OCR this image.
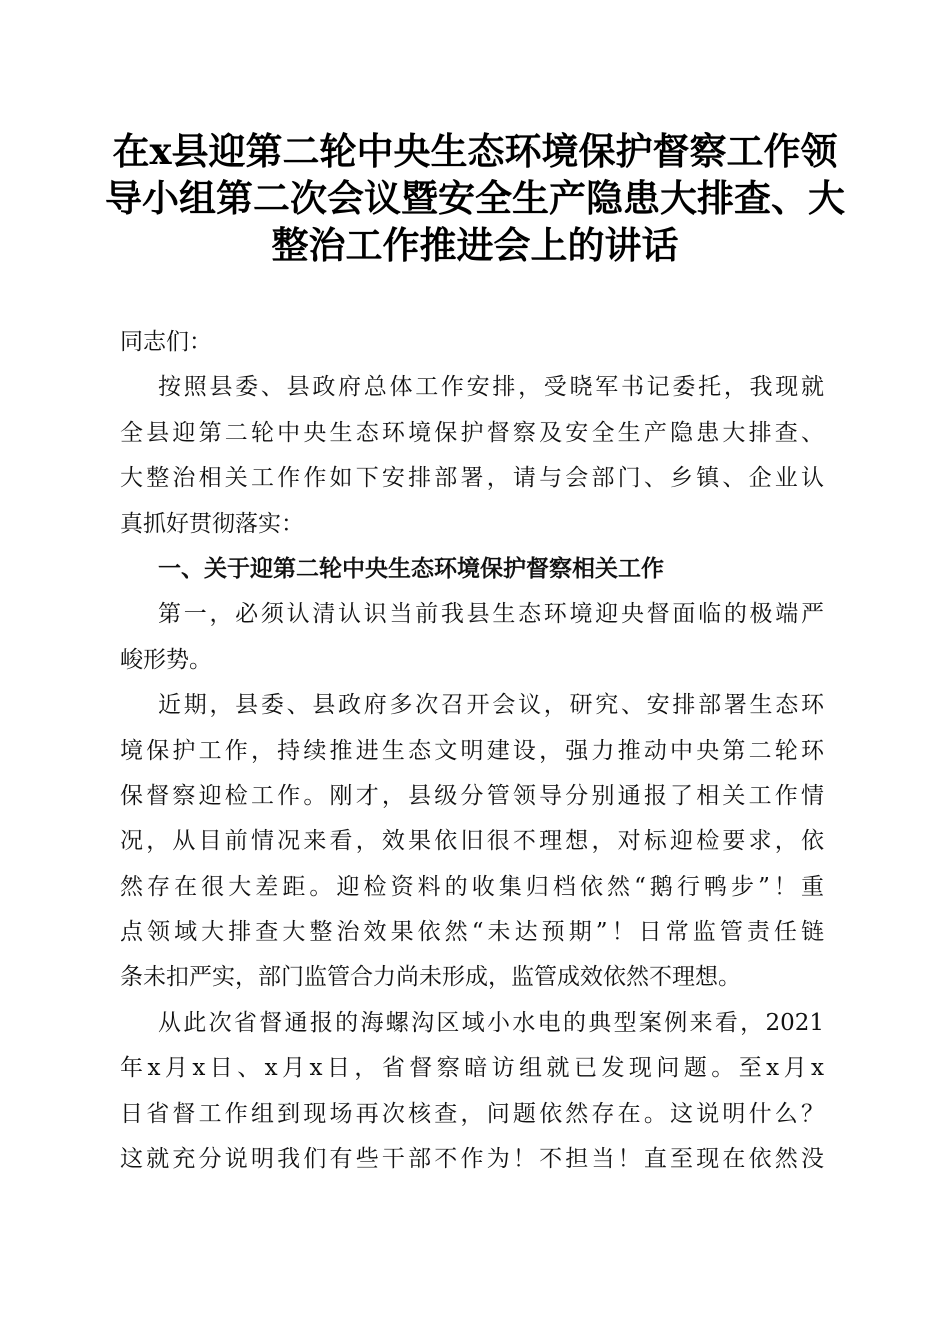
在x县迎第二轮中央生态环境保护督察工作领
导小组第二次会议暨安全生产隐患大排查、大
整治工作推进会上的讲话
同志们：
按照县委、县政府总体工作安排，受晓军书记委托，我现就
全县迎第二轮中央生态环境保护督察及安全生产隐患大排查、
大整治相关工作作如下安排部署，请与会部门、乡镇、企业认
真抓好贯彻落实：
一、关于迎第二轮中央生态环境保护督察相关工作
第一，必须认清认识当前我县生态环境迎央督面临的极端严
峻形势。
近期，县委、县政府多次召开会议，研究、安排部署生态环
境保护工作，持续推进生态文明建设，强力推动中央第二轮环
保督察迎检工作。刚才，县级分管领导分别通报了相关工作情
况，从目前情况来看，效果依旧很不理想，对标迎检要求，依
然存在很大差距。迎检资料的收集归档依然“鹅行鸭步”！重
点领域大排查大整治效果依然“未达预期”！日常监管责任链
条未扣严实，部门监管合力尚未形成，监管成效依然不理想。
从此次省督通报的海螺沟区域小水电的典型案例来看，2021
年x月x日、x月x日，省督察暗访组就已发现问题。至x月x
日省督工作组到现场再次核查，问题依然存在。这说明什么？
这就充分说明我们有些干部不作为！不担当！直至现在依然没
